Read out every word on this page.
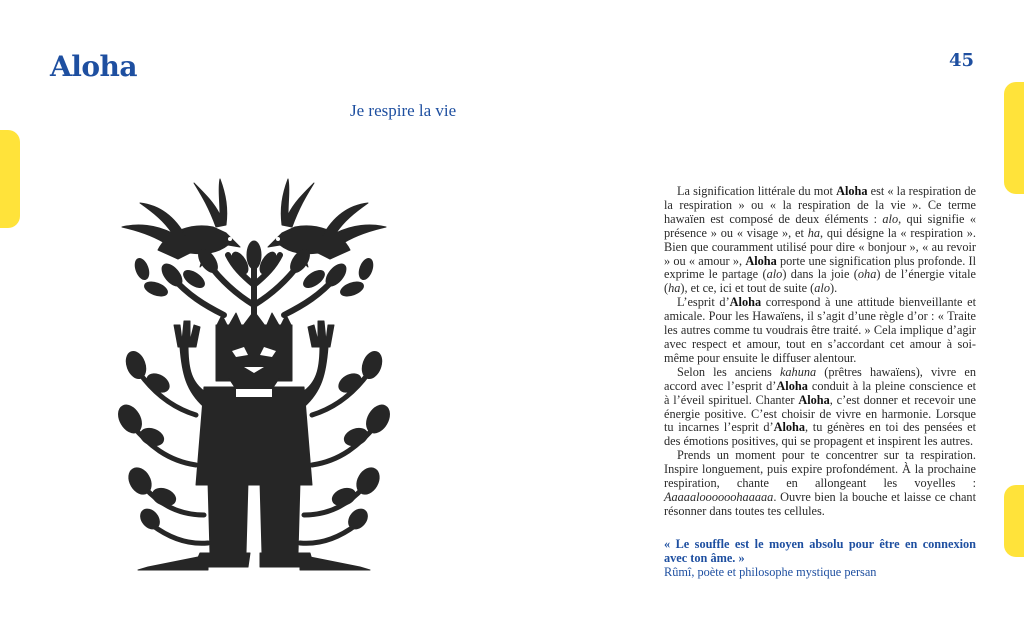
Aloha	45
Je respire la vie

La signification littérale du mot Aloha est « la respiration de la respiration » ou « la respiration de la vie ». Ce terme hawaïen est composé de deux éléments : alo, qui signifie « présence » ou « visage », et ha, qui désigne la « respiration ». Bien que couramment utilisé pour dire « bonjour », « au revoir » ou « amour », Aloha porte une signification plus profonde. Il exprime le partage (alo) dans la joie (oha) de l’énergie vitale (ha), et ce, ici et tout de suite (alo).

L’esprit d’Aloha correspond à une attitude bienveillante et amicale. Pour les Hawaïens, il s’agit d’une règle d’or : « Traite les autres comme tu voudrais être traité. » Cela implique d’agir avec respect et amour, tout en s’accordant cet amour à soi-même pour ensuite le diffuser alentour.

Selon les anciens kahuna (prêtres hawaïens), vivre en accord avec l’esprit d’Aloha conduit à la pleine conscience et à l’éveil spirituel. Chanter Aloha, c’est donner et recevoir une énergie positive. C’est choisir de vivre en harmonie. Lorsque tu incarnes l’esprit d’Aloha, tu génères en toi des pensées et des émotions positives, qui se propagent et inspirent les autres.

Prends un moment pour te concentrer sur ta respiration. Inspire longuement, puis expire profondément. À la prochaine respiration, chante en allongeant les voyelles : Aaaaaloooooohaaaaa. Ouvre bien la bouche et laisse ce chant résonner dans toutes tes cellules.

« Le souffle est le moyen absolu pour être en connexion avec ton âme. »
Rûmî, poète et philosophe mystique persan
